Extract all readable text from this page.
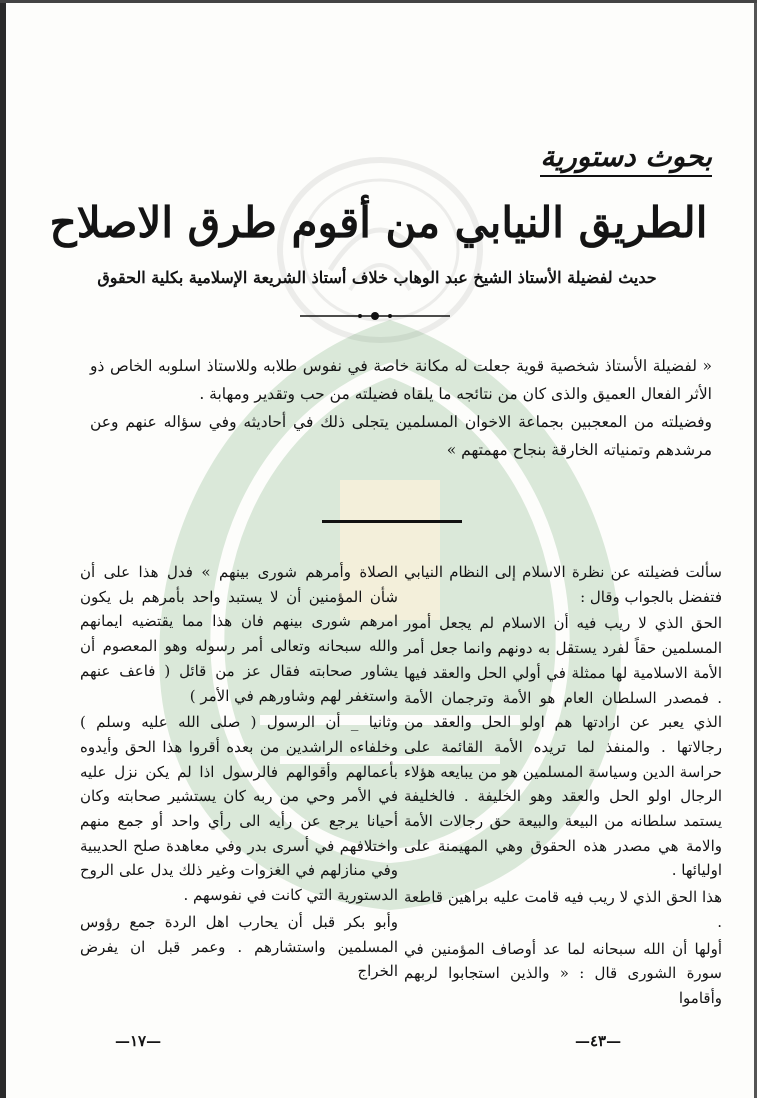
بحوث دستورية
الطريق النيابي من أقوم طرق الاصلاح
حديث لفضيلة الأستاذ الشيخ عبد الوهاب خلاف أستاذ الشريعة الإسلامية بكلية الحقوق

« لفضيلة الأستاذ شخصية قوية جعلت له مكانة خاصة في نفوس طلابه وللاستاذ اسلوبه الخاص ذو الأثر الفعال العميق والذى كان من نتائجه ما يلقاه فضيلته من حب وتقدير ومهابة .

وفضيلته من المعجبين بجماعة الاخوان المسلمين يتجلى ذلك في أحاديثه وفي سؤاله عنهم وعن مرشدهم وتمنياته الخارقة بنجاح مهمتهم »

سألت فضيلته عن نظرة الاسلام إلى النظام النيابي فتفضل بالجواب وقال :

الحق الذي لا ريب فيه أن الاسلام لم يجعل أمور المسلمين حقاً لفرد يستقل به دونهم وانما جعل أمر الأمة الاسلامية لها ممثلة في أولي الحل والعقد فيها . فمصدر السلطان العام هو الأمة وترجمان الأمة الذي يعبر عن ارادتها هم اولو الحل والعقد من رجالاتها . والمنفذ لما تريده الأمة القائمة على حراسة الدين وسياسة المسلمين هو من يبايعه هؤلاء الرجال اولو الحل والعقد وهو الخليفة . فالخليفة يستمد سلطانه من البيعة والبيعة حق رجالات الأمة والامة هي مصدر هذه الحقوق وهي المهيمنة على اوليائها .

هذا الحق الذي لا ريب فيه قامت عليه براهين قاطعة .

أولها أن الله سبحانه لما عد أوصاف المؤمنين في سورة الشورى قال : « والذين استجابوا لربهم وأقاموا

الصلاة وأمرهم شورى بينهم » فدل هذا على أن شأن المؤمنين أن لا يستبد واحد بأمرهم بل يكون امرهم شورى بينهم فان هذا مما يقتضيه ايمانهم والله سبحانه وتعالى أمر رسوله وهو المعصوم أن يشاور صحابته فقال عز من قائل ( فاعف عنهم واستغفر لهم وشاورهم في الأمر )

وثانيا _ أن الرسول ( صلى الله عليه وسلم ) وخلفاءه الراشدين من بعده أقروا هذا الحق وأيدوه بأعمالهم وأقوالهم فالرسول اذا لم يكن نزل عليه في الأمر وحي من ربه كان يستشير صحابته وكان أحيانا يرجع عن رأيه الى رأي واحد أو جمع منهم واختلافهم في أسرى بدر وفي معاهدة صلح الحديبية وفي منازلهم في الغزوات وغير ذلك يدل على الروح الدستورية التي كانت في نفوسهم .

وأبو بكر قبل أن يحارب اهل الردة جمع رؤوس المسلمين واستشارهم . وعمر قبل ان يفرض الخراج

—٤٣—
—١٧—
